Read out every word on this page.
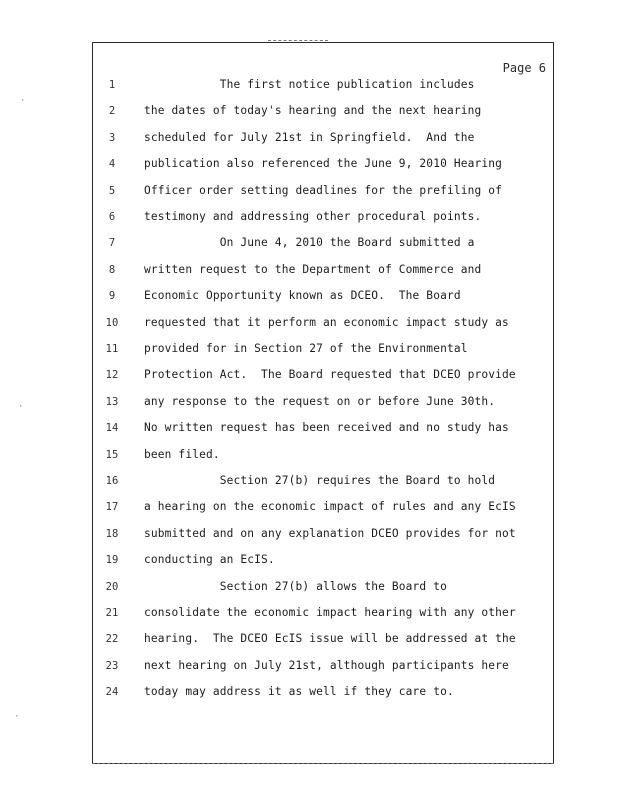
Page 6
1	The first notice publication includes
2	the dates of today's hearing and the next hearing
3	scheduled for July 21st in Springfield.  And the
4	publication also referenced the June 9, 2010 Hearing
5	Officer order setting deadlines for the prefiling of
6	testimony and addressing other procedural points.
7	On June 4, 2010 the Board submitted a
8	written request to the Department of Commerce and
9	Economic Opportunity known as DCEO.  The Board
10 requested that it perform an economic impact study as
11 provided for in Section 27 of the Environmental
12 Protection Act.  The Board requested that DCEO provide
13 any response to the request on or before June 30th.
14 No written request has been received and no study has
15 been filed.
16 Section 27(b) requires the Board to hold
17 a hearing on the economic impact of rules and any EcIS
18 submitted and on any explanation DCEO provides for not
19 conducting an EcIS.
20 Section 27(b) allows the Board to
21 consolidate the economic impact hearing with any other
22 hearing.  The DCEO EcIS issue will be addressed at the
23 next hearing on July 21st, although participants here
24 today may address it as well if they care to.
·
·
·
